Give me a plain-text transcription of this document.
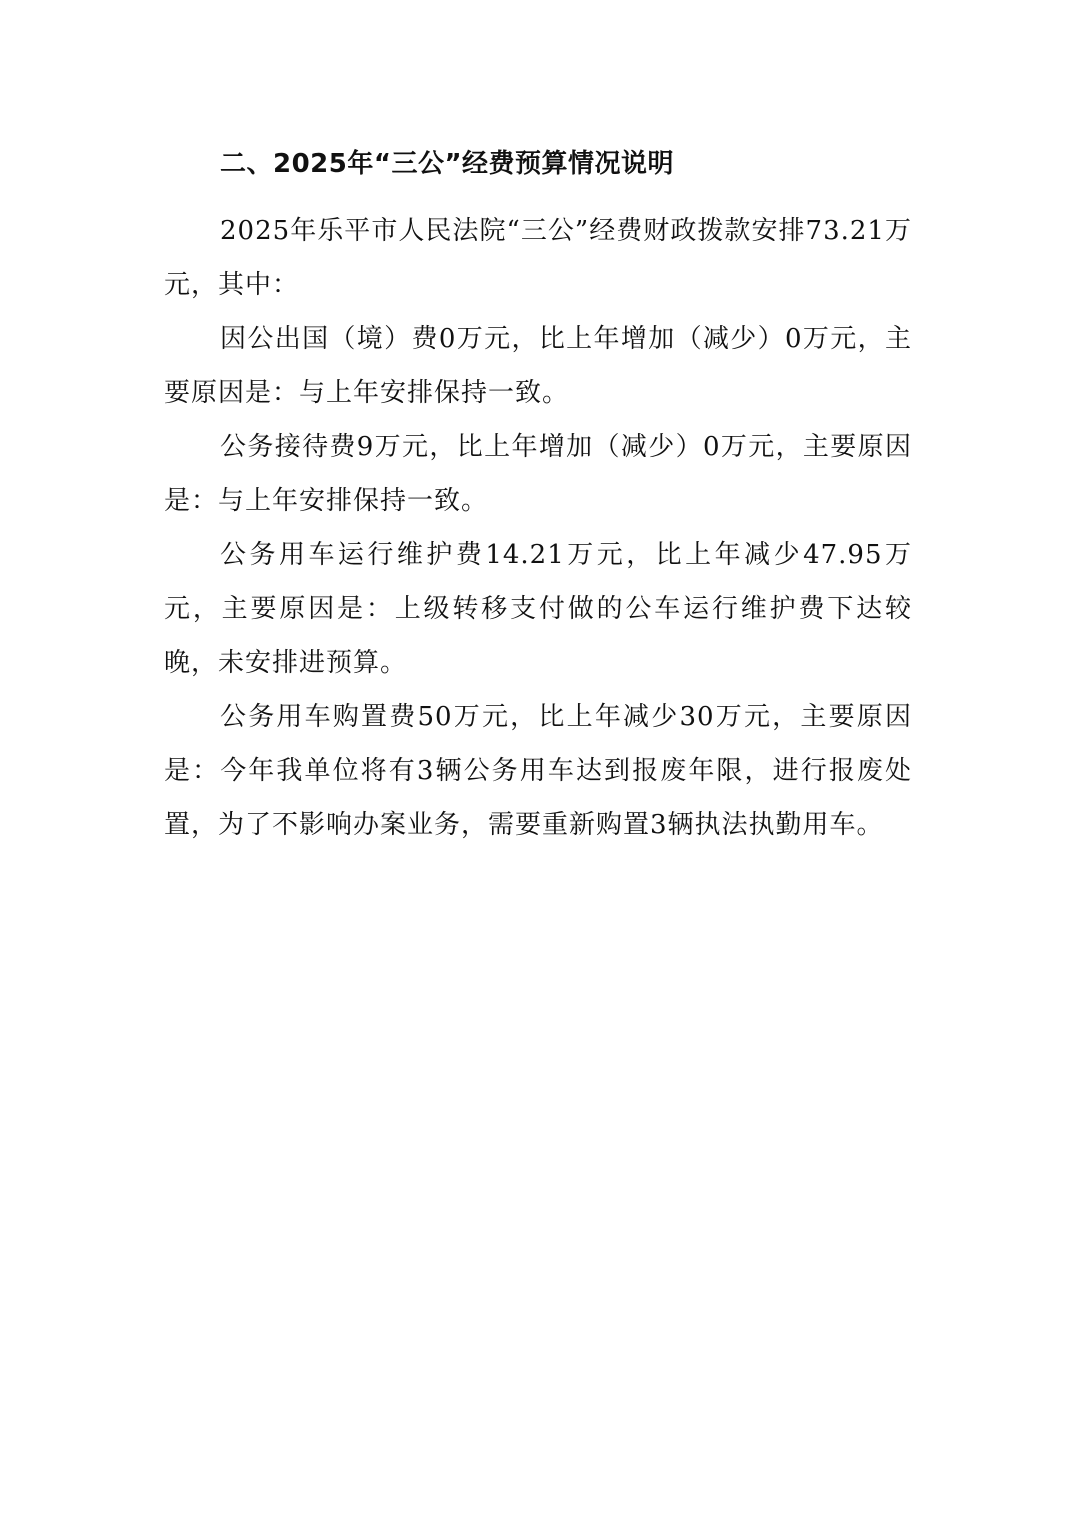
二、2025年“三公”经费预算情况说明

2025年乐平市人民法院“三公”经费财政拨款安排73.21万元，其中：

因公出国（境）费0万元，比上年增加（减少）0万元，主要原因是：与上年安排保持一致。

公务接待费9万元，比上年增加（减少）0万元，主要原因是：与上年安排保持一致。

公务用车运行维护费14.21万元，比上年减少47.95万元，主要原因是：上级转移支付做的公车运行维护费下达较晚，未安排进预算。

公务用车购置费50万元，比上年减少30万元，主要原因是：今年我单位将有3辆公务用车达到报废年限，进行报废处置，为了不影响办案业务，需要重新购置3辆执法执勤用车。
